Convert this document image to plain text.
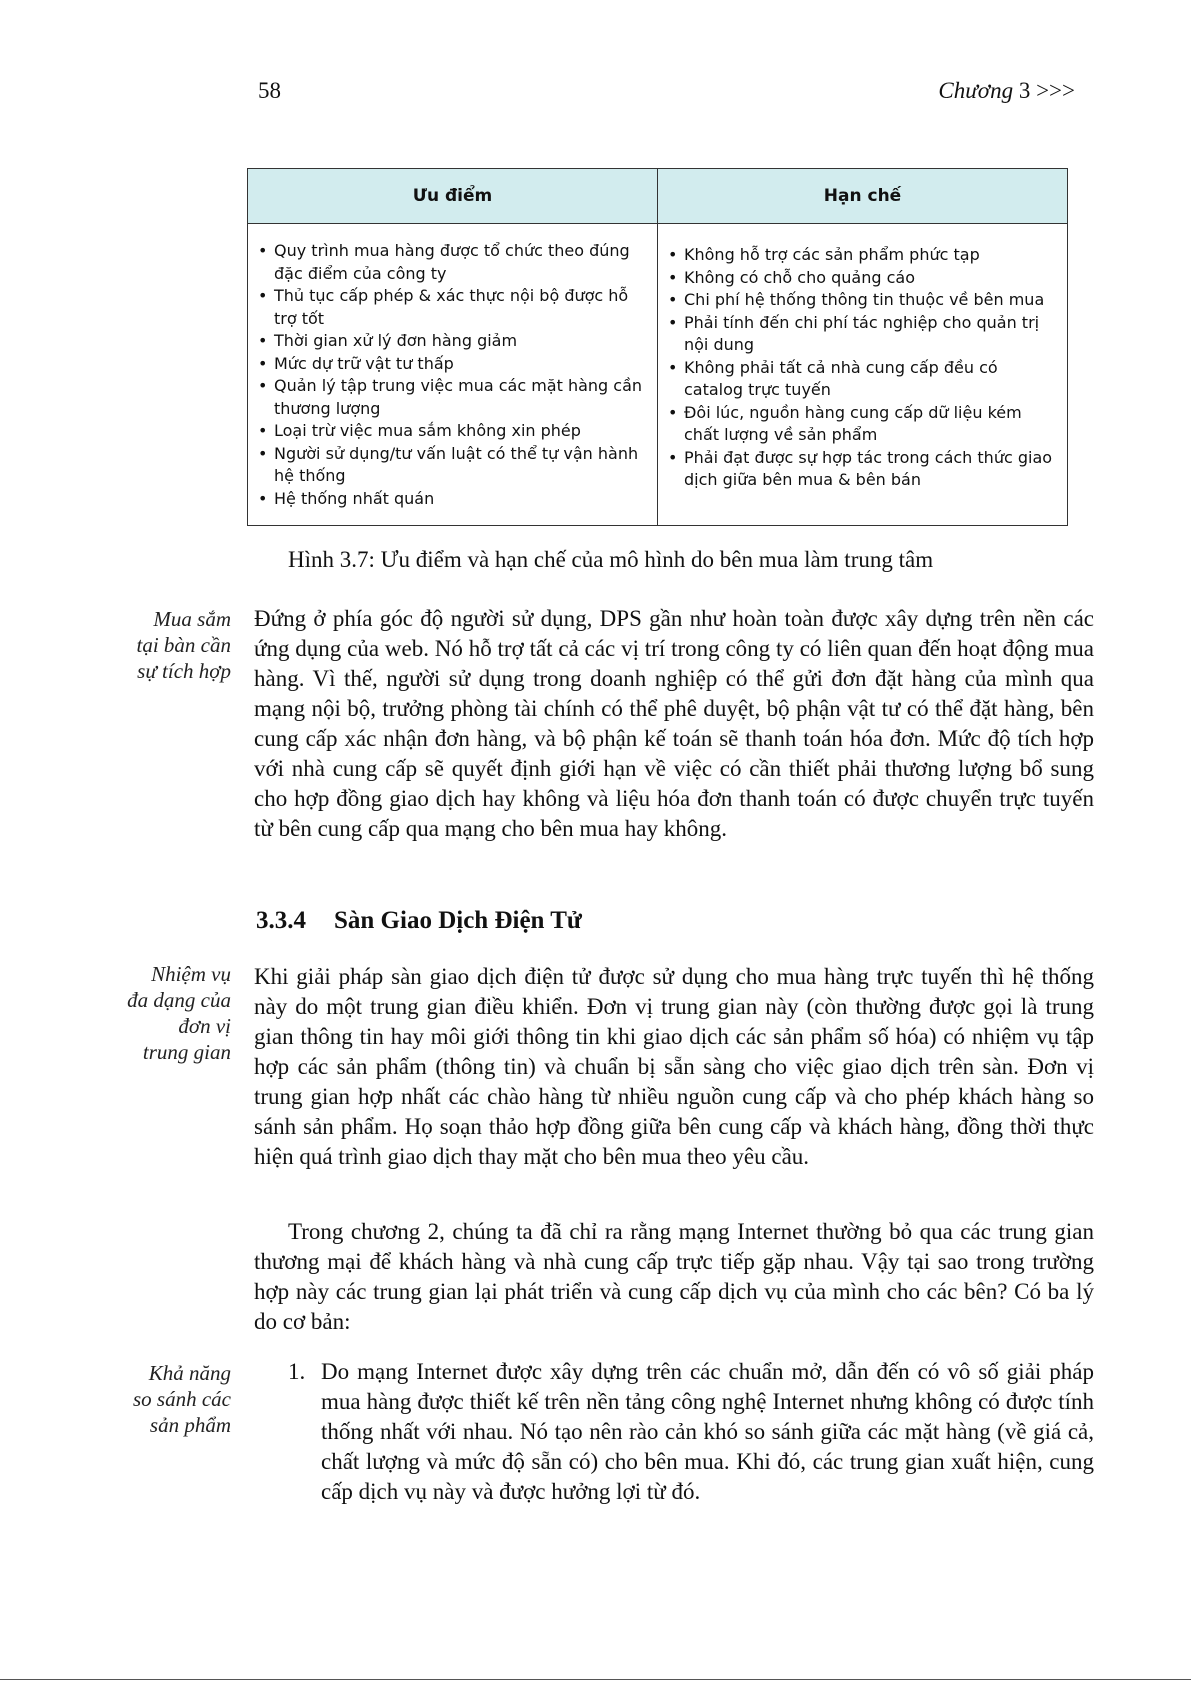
58	Chương 3 >>>
Ưu điểm	Hạn chế
• Quy trình mua hàng được tổ chức theo đúng đặc điểm của công ty
• Thủ tục cấp phép & xác thực nội bộ được hỗ trợ tốt
• Thời gian xử lý đơn hàng giảm
• Mức dự trữ vật tư thấp
• Quản lý tập trung việc mua các mặt hàng cần thương lượng
• Loại trừ việc mua sắm không xin phép
• Người sử dụng/tư vấn luật có thể tự vận hành hệ thống
• Hệ thống nhất quán
• Không hỗ trợ các sản phẩm phức tạp
• Không có chỗ cho quảng cáo
• Chi phí hệ thống thông tin thuộc về bên mua
• Phải tính đến chi phí tác nghiệp cho quản trị nội dung
• Không phải tất cả nhà cung cấp đều có catalog trực tuyến
• Đôi lúc, nguồn hàng cung cấp dữ liệu kém chất lượng về sản phẩm
• Phải đạt được sự hợp tác trong cách thức giao dịch giữa bên mua & bên bán
Hình 3.7: Ưu điểm và hạn chế của mô hình do bên mua làm trung tâm
Mua sắm
tại bàn cần
sự tích hợp

Đứng ở phía góc độ người sử dụng, DPS gần như hoàn toàn được xây dựng trên nền các ứng dụng của web. Nó hỗ trợ tất cả các vị trí trong công ty có liên quan đến hoạt động mua hàng. Vì thế, người sử dụng trong doanh nghiệp có thể gửi đơn đặt hàng của mình qua mạng nội bộ, trưởng phòng tài chính có thể phê duyệt, bộ phận vật tư có thể đặt hàng, bên cung cấp xác nhận đơn hàng, và bộ phận kế toán sẽ thanh toán hóa đơn. Mức độ tích hợp với nhà cung cấp sẽ quyết định giới hạn về việc có cần thiết phải thương lượng bổ sung cho hợp đồng giao dịch hay không và liệu hóa đơn thanh toán có được chuyển trực tuyến từ bên cung cấp qua mạng cho bên mua hay không.

3.3.4 Sàn Giao Dịch Điện Tử
Nhiệm vụ
đa dạng của
đơn vị
trung gian

Khi giải pháp sàn giao dịch điện tử được sử dụng cho mua hàng trực tuyến thì hệ thống này do một trung gian điều khiển. Đơn vị trung gian này (còn thường được gọi là trung gian thông tin hay môi giới thông tin khi giao dịch các sản phẩm số hóa) có nhiệm vụ tập hợp các sản phẩm (thông tin) và chuẩn bị sẵn sàng cho việc giao dịch trên sàn. Đơn vị trung gian hợp nhất các chào hàng từ nhiều nguồn cung cấp và cho phép khách hàng so sánh sản phẩm. Họ soạn thảo hợp đồng giữa bên cung cấp và khách hàng, đồng thời thực hiện quá trình giao dịch thay mặt cho bên mua theo yêu cầu.

Trong chương 2, chúng ta đã chỉ ra rằng mạng Internet thường bỏ qua các trung gian thương mại để khách hàng và nhà cung cấp trực tiếp gặp nhau. Vậy tại sao trong trường hợp này các trung gian lại phát triển và cung cấp dịch vụ của mình cho các bên? Có ba lý do cơ bản:

Khả năng
so sánh các
sản phẩm
1. Do mạng Internet được xây dựng trên các chuẩn mở, dẫn đến có vô số giải pháp mua hàng được thiết kế trên nền tảng công nghệ Internet nhưng không có được tính thống nhất với nhau. Nó tạo nên rào cản khó so sánh giữa các mặt hàng (về giá cả, chất lượng và mức độ sẵn có) cho bên mua. Khi đó, các trung gian xuất hiện, cung cấp dịch vụ này và được hưởng lợi từ đó.
